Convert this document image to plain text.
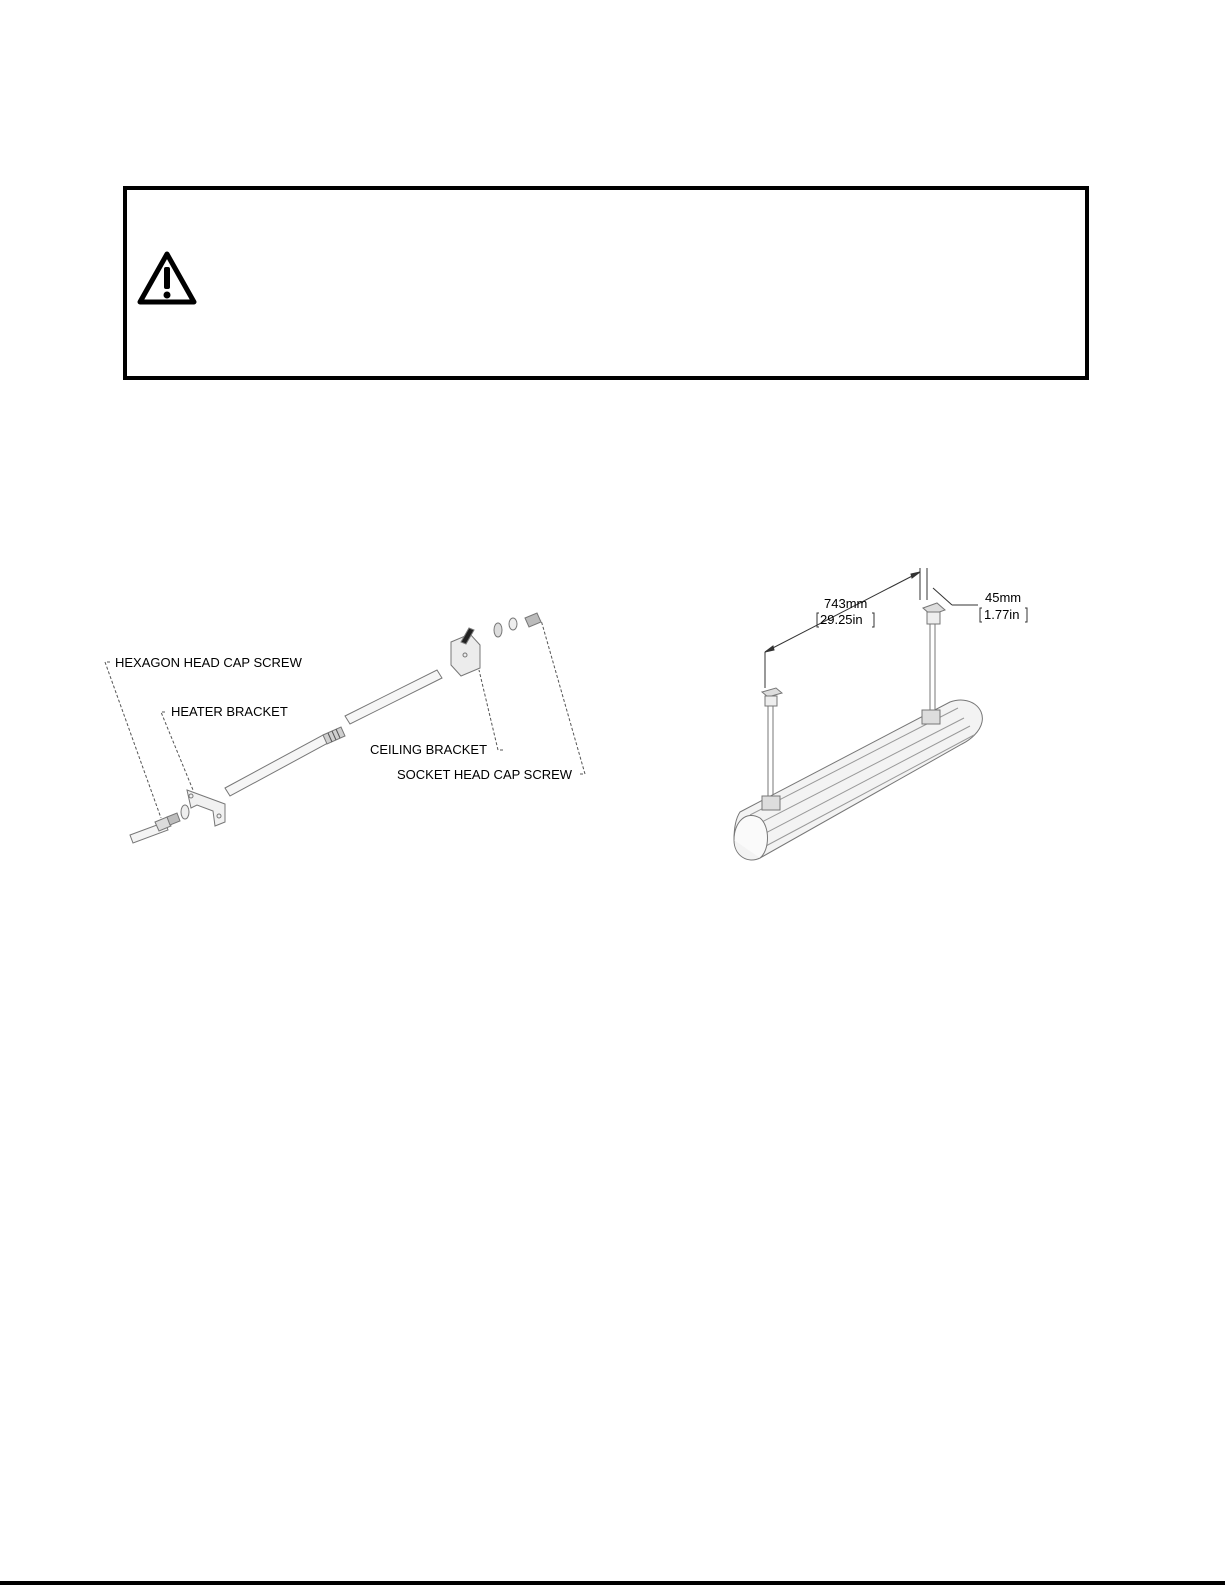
HEXAGON HEAD CAP SCREW
HEATER BRACKET
CEILING BRACKET
SOCKET HEAD CAP SCREW
743mm
29.25in
45mm
1.77in
